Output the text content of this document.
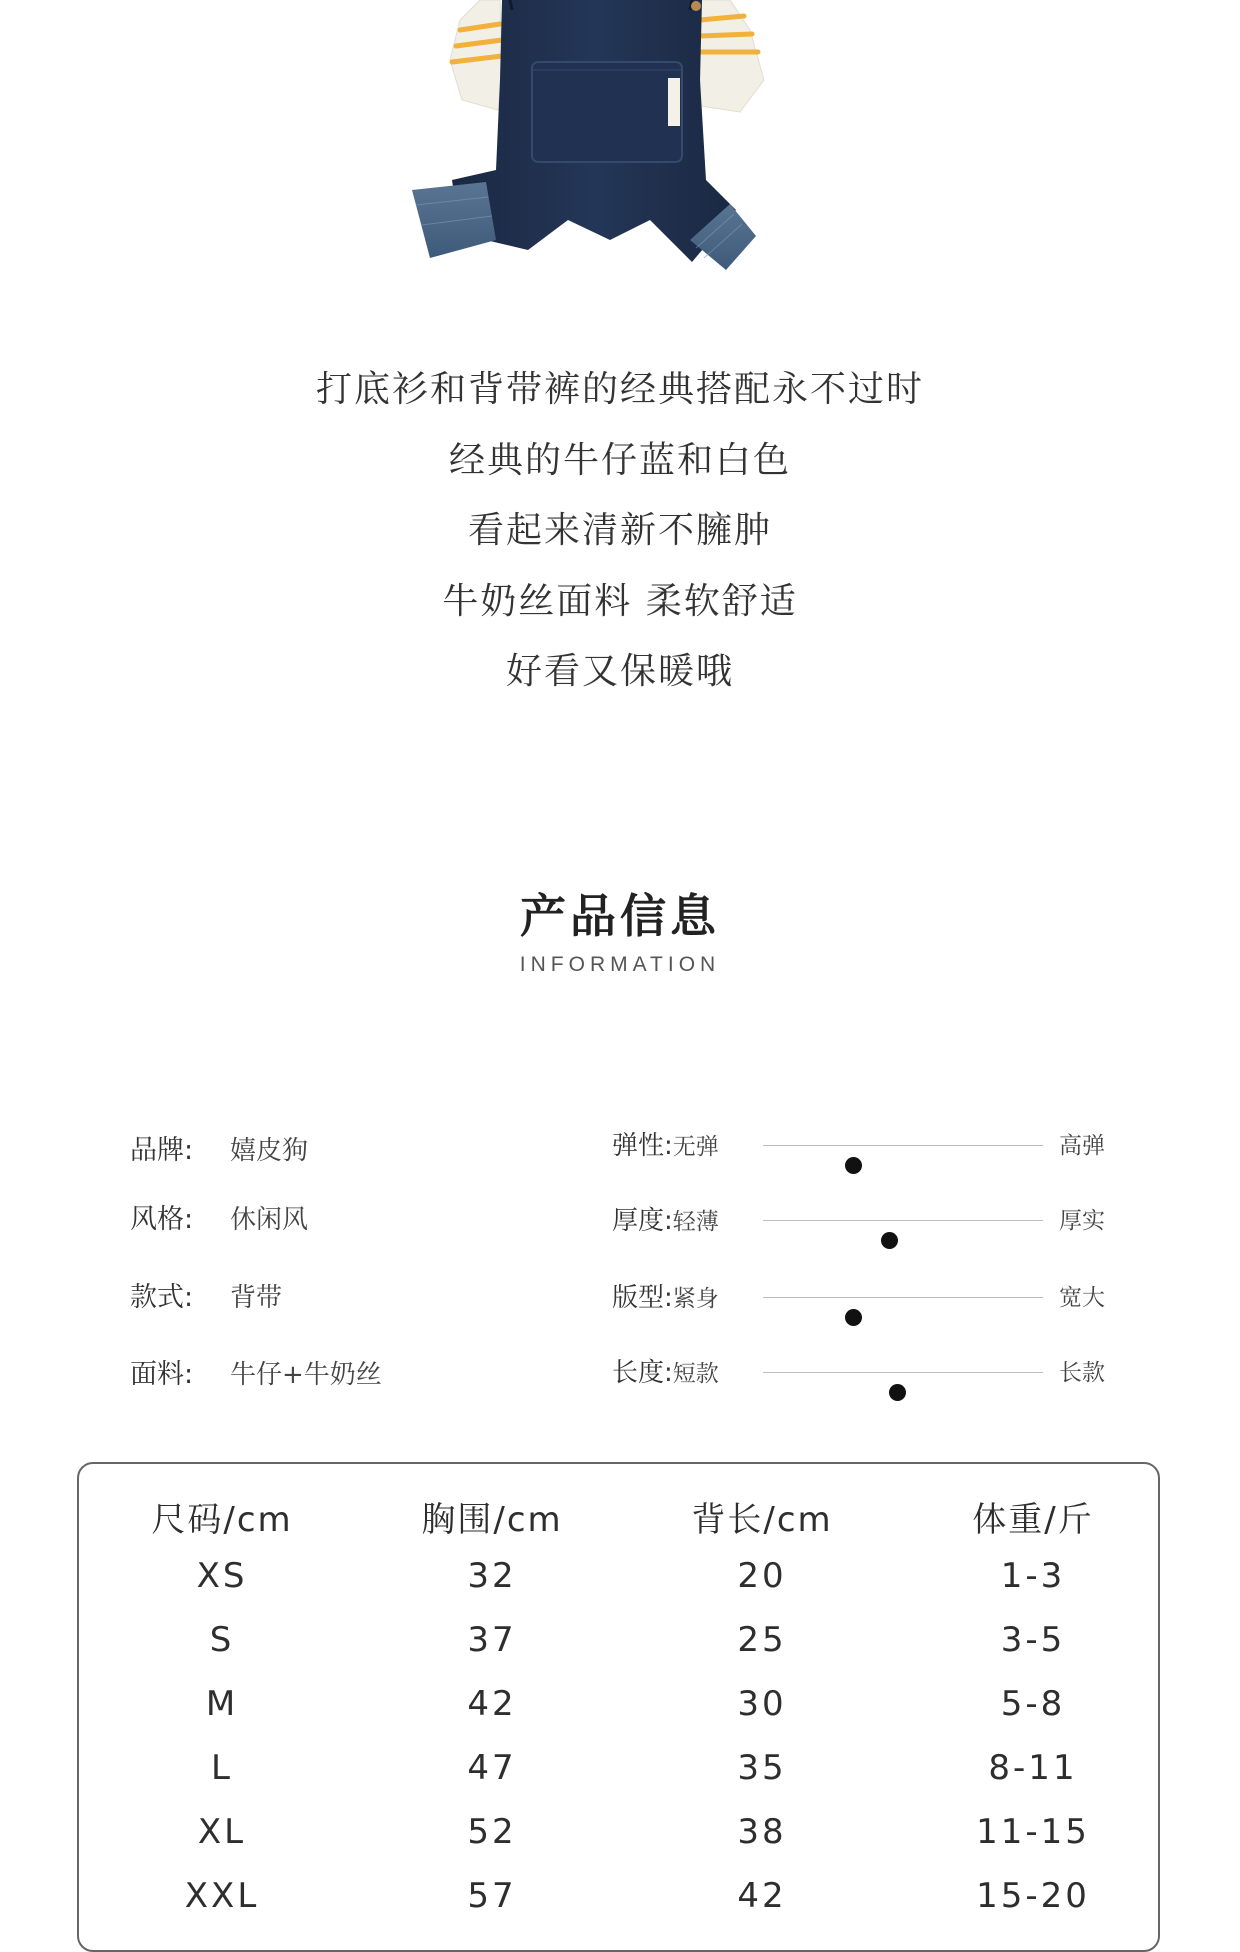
打底衫和背带裤的经典搭配永不过时
经典的牛仔蓝和白色
看起来清新不臃肿
牛奶丝面料 柔软舒适
好看又保暖哦
产品信息
INFORMATION
品牌: 嬉皮狗
风格: 休闲风
款式: 背带
面料: 牛仔+牛奶丝
弹性:无弹	高弹
厚度:轻薄	厚实
版型:紧身	宽大
长度:短款	长款
尺码/cm	胸围/cm	背长/cm	体重/斤
XS	32	20	1-3
S	37	25	3-5
M	42	30	5-8
L	47	35	8-11
XL	52	38	11-15
XXL	57	42	15-20
